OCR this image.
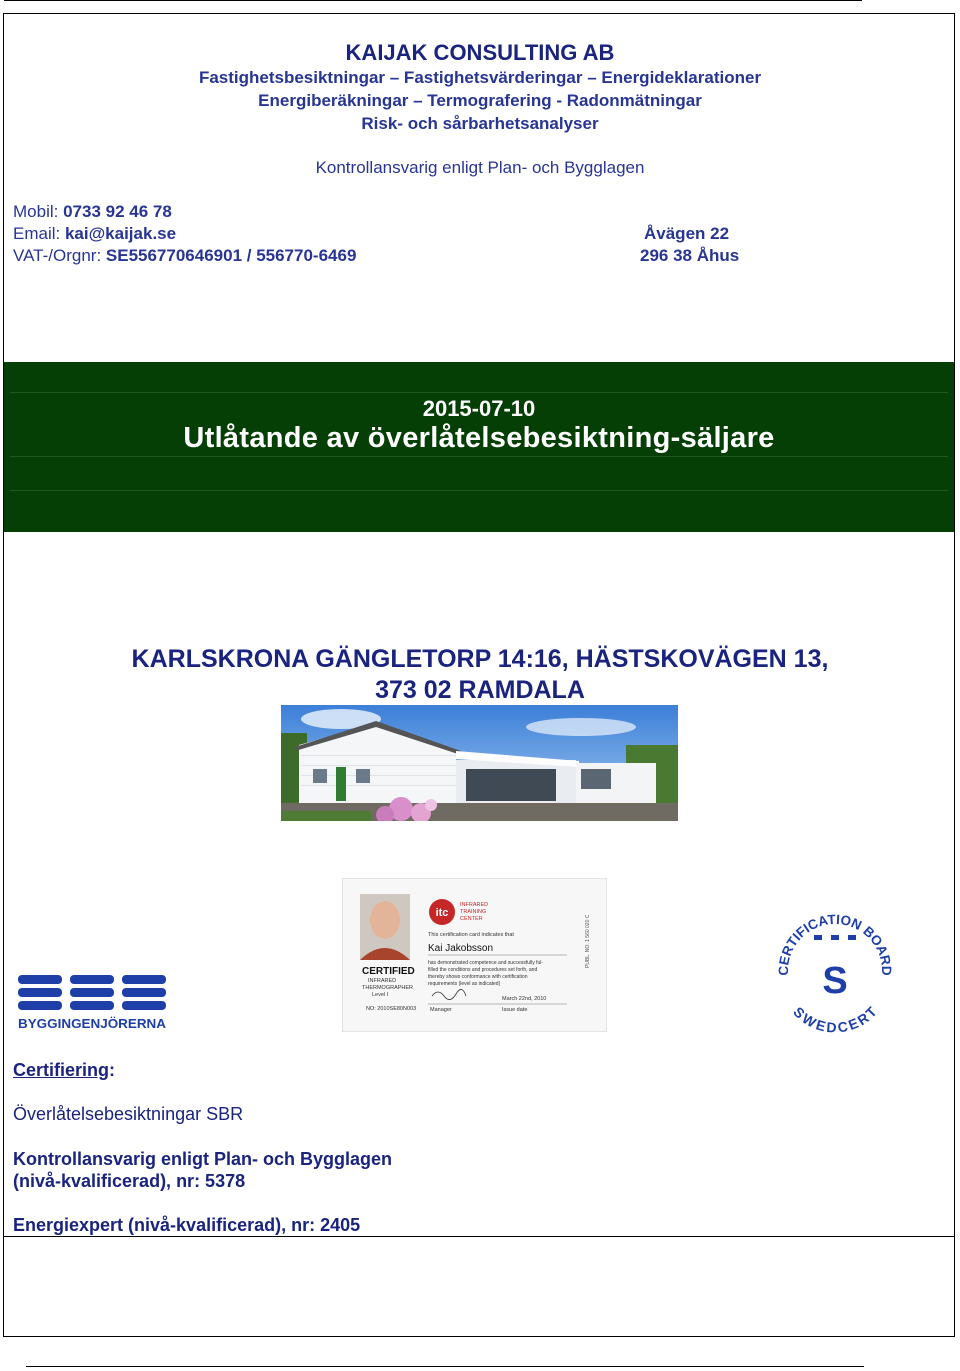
KAIJAK CONSULTING AB
Fastighetsbesiktningar – Fastighetsvärderingar – Energideklarationer
Energiberäkningar – Termografering - Radonmätningar
Risk- och sårbarhetsanalyser
Kontrollansvarig enligt Plan- och Bygglagen
Mobil: 0733 92 46 78
Email: kai@kaijak.se
VAT-/Orgnr: SE556770646901 / 556770-6469
Åvägen 22
296 38 Åhus
2015-07-10
Utlåtande av överlåtelsebesiktning-säljare
KARLSKRONA GÄNGLETORP 14:16, HÄSTSKOVÄGEN 13,
373 02 RAMDALA
itc
INFRARED
TRAINING
CENTER
This certification card indicates that
Kai Jakobsson
has demonstrated competence and successfully ful-
filled the conditions and procedures set forth, and
thereby shows conformance with certification
requirements (level as indicated)
CERTIFIED
INFRARED
THERMOGRAPHER
Level I
NO: 2010SE80N003
March 22nd, 2010
Manager	Issue date
PUBL. NO. 1 560 020 C
BYGGINGENJÖRERNA
CERTIFICATION BOARD
SWEDCERT
S
Certifiering:
Överlåtelsebesiktningar SBR
Kontrollansvarig enligt Plan- och Bygglagen
(nivå-kvalificerad), nr: 5378
Energiexpert (nivå-kvalificerad), nr: 2405
